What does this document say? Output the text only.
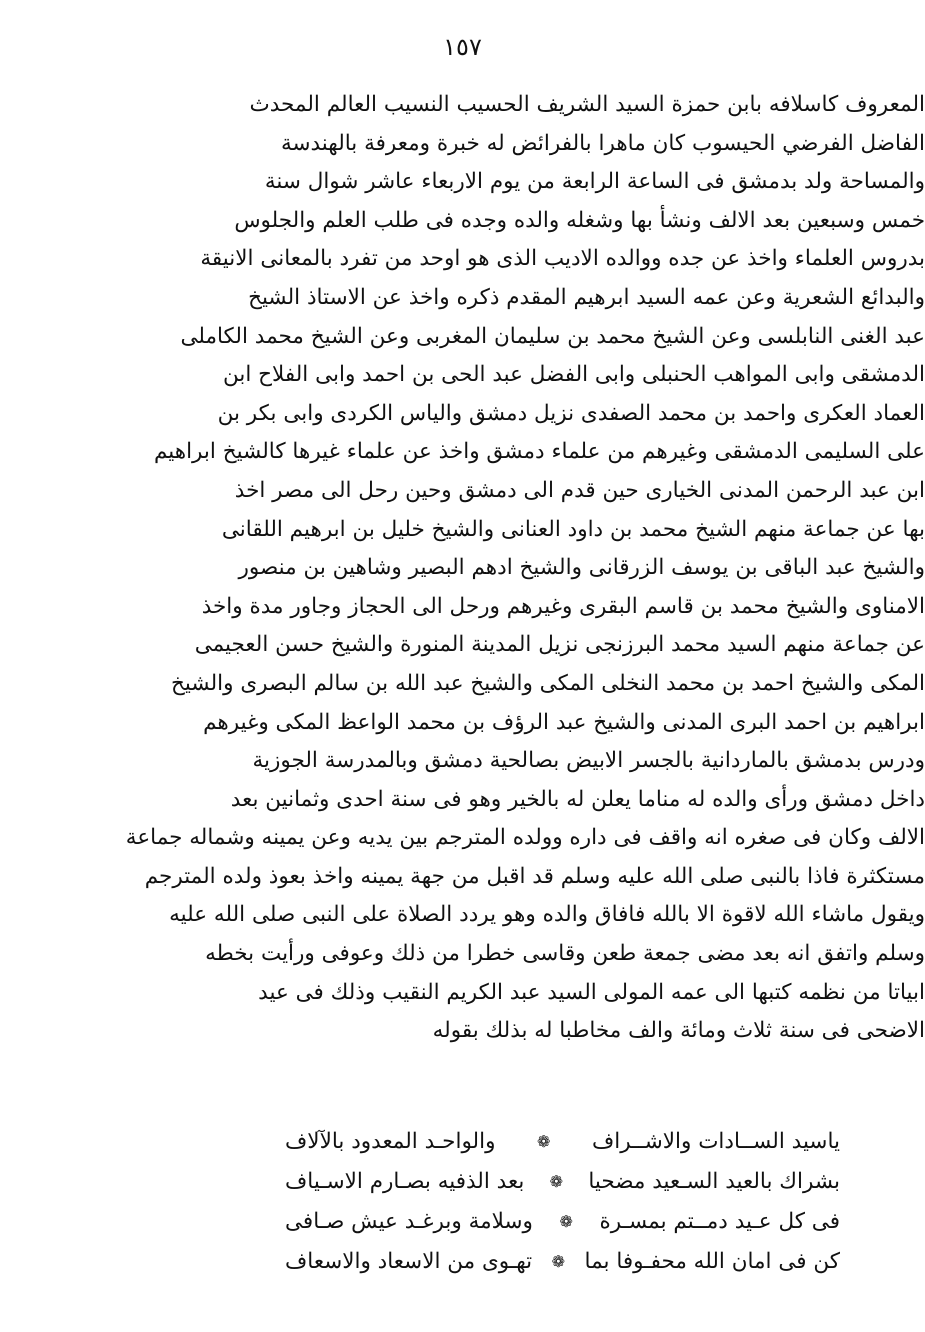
١٥٧
المعروف كاسلافه بابن حمزة السيد الشريف الحسيب النسيب العالم المحدث
الفاضل الفرضي الحيسوب كان ماهرا بالفرائض له خبرة ومعرفة بالهندسة
والمساحة ولد بدمشق فى الساعة الرابعة من يوم الاربعاء عاشر شوال سنة
خمس وسبعين بعد الالف ونشأ بها وشغله والده وجده فى طلب العلم والجلوس
بدروس العلماء واخذ عن جده ووالده الاديب الذى هو اوحد من تفرد بالمعانى الانيقة
والبدائع الشعرية وعن عمه السيد ابرهيم المقدم ذكره واخذ عن الاستاذ الشيخ
عبد الغنى النابلسى وعن الشيخ محمد بن سليمان المغربى وعن الشيخ محمد الكاملى
الدمشقى وابى المواهب الحنبلى وابى الفضل عبد الحى بن احمد وابى الفلاح ابن
العماد العكرى واحمد بن محمد الصفدى نزيل دمشق والياس الكردى وابى بكر بن
على السليمى الدمشقى وغيرهم من علماء دمشق واخذ عن علماء غيرها كالشيخ ابراهيم
ابن عبد الرحمن المدنى الخيارى حين قدم الى دمشق وحين رحل الى مصر اخذ
بها عن جماعة منهم الشيخ محمد بن داود العنانى والشيخ خليل بن ابرهيم اللقانى
والشيخ عبد الباقى بن يوسف الزرقانى والشيخ ادهم البصير وشاهين بن منصور
الامناوى والشيخ محمد بن قاسم البقرى وغيرهم ورحل الى الحجاز وجاور مدة واخذ
عن جماعة منهم السيد محمد البرزنجى نزيل المدينة المنورة والشيخ حسن العجيمى
المكى والشيخ احمد بن محمد النخلى المكى والشيخ عبد الله بن سالم البصرى والشيخ
ابراهيم بن احمد البرى المدنى والشيخ عبد الرؤف بن محمد الواعظ المكى وغيرهم
ودرس بدمشق بالماردانية بالجسر الابيض بصالحية دمشق وبالمدرسة الجوزية
داخل دمشق ورأى والده له مناما يعلن له بالخير وهو فى سنة احدى وثمانين بعد
الالف وكان فى صغره انه واقف فى داره وولده المترجم بين يديه وعن يمينه وشماله جماعة
مستكثرة فاذا بالنبى صلى الله عليه وسلم قد اقبل من جهة يمينه واخذ بعوذ ولده المترجم
ويقول ماشاء الله لاقوة الا بالله فافاق والده وهو يردد الصلاة على النبى صلى الله عليه
وسلم واتفق انه بعد مضى جمعة طعن وقاسى خطرا من ذلك وعوفى ورأيت بخطه
ابياتا من نظمه كتبها الى عمه المولى السيد عبد الكريم النقيب وذلك فى عيد
الاضحى فى سنة ثلاث ومائة والف مخاطبا له بذلك بقوله
ياسيد الســادات والاشــراف
❁
والواحـد المعدود بالآلاف
بشراك بالعيد السـعيد مضحيا
❁
بعد الذفيه بصـارم الاسـياف
فى كل عـيد دمــتم بمسـرة
❁
وسلامة وبرغـد عيش صـافى
كن فى امان الله محفـوفا بما
❁
تهـوى من الاسعاد والاسعاف
